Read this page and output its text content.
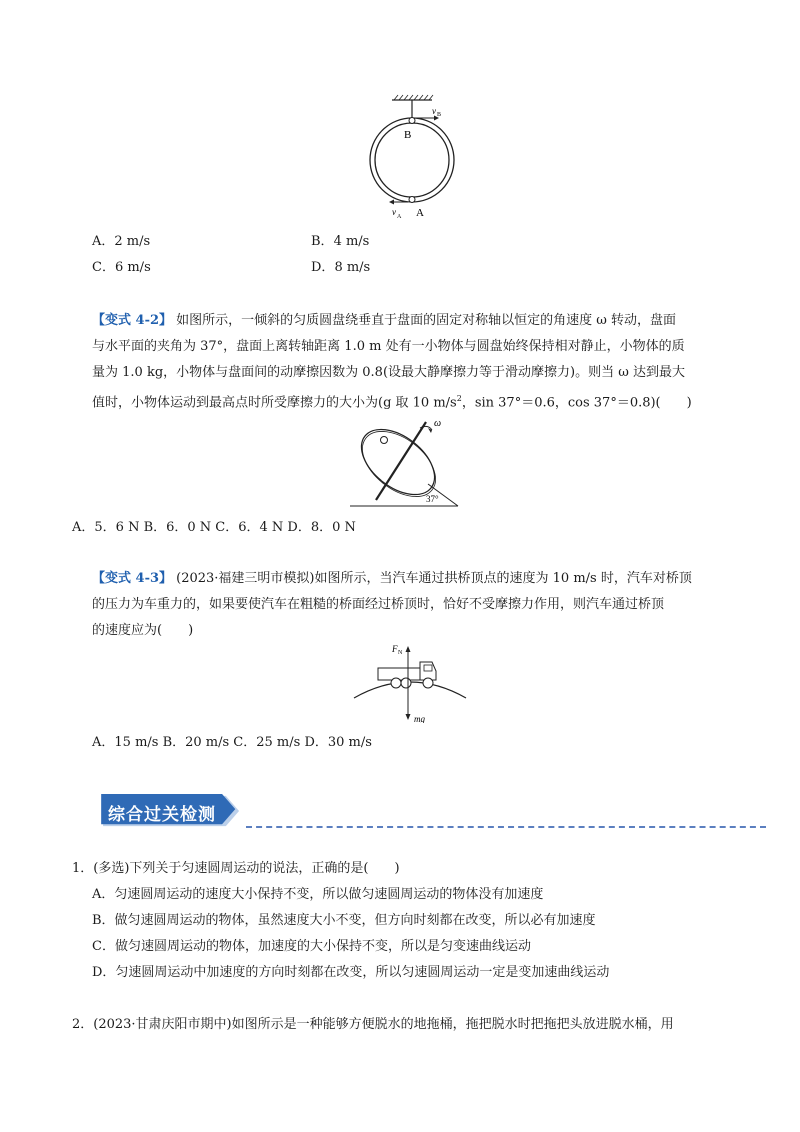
B
A
v B
v A
A．2 m/s	B．4 m/s
C．6 m/s	D．8 m/s
【变式 4-2】 如图所示，一倾斜的匀质圆盘绕垂直于盘面的固定对称轴以恒定的角速度 ω 转动，盘面
与水平面的夹角为 37°，盘面上离转轴距离 1.0 m 处有一小物体与圆盘始终保持相对静止，小物体的质
量为 1.0 kg，小物体与盘面间的动摩擦因数为 0.8(设最大静摩擦力等于滑动摩擦力)。则当 ω 达到最大
值时，小物体运动到最高点时所受摩擦力的大小为(g 取 10 $m/s^2$，sin 37°＝0.6，cos 37°＝0.8)(　　)
ω
37°
A．5．6 N B．6．0 N C．6．4 N D．8．0 N
【变式 4-3】 (2023·福建三明市模拟)如图所示，当汽车通过拱桥顶点的速度为 10 m/s 时，汽车对桥顶
的压力为车重力的，如果要使汽车在粗糙的桥面经过桥顶时，恰好不受摩擦力作用，则汽车通过桥顶
的速度应为(　　)
F N
mg
A．15 m/s B．20 m/s C．25 m/s D．30 m/s
综合过关检测
1．(多选)下列关于匀速圆周运动的说法，正确的是(　　)
A．匀速圆周运动的速度大小保持不变，所以做匀速圆周运动的物体没有加速度
B．做匀速圆周运动的物体，虽然速度大小不变，但方向时刻都在改变，所以必有加速度
C．做匀速圆周运动的物体，加速度的大小保持不变，所以是匀变速曲线运动
D．匀速圆周运动中加速度的方向时刻都在改变，所以匀速圆周运动一定是变加速曲线运动
2．(2023·甘肃庆阳市期中)如图所示是一种能够方便脱水的地拖桶，拖把脱水时把拖把头放进脱水桶，用
